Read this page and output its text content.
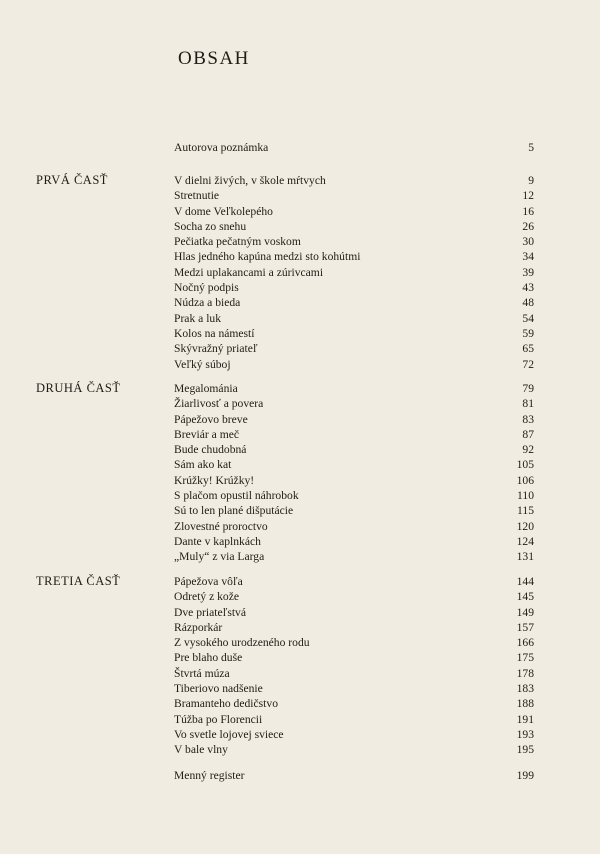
OBSAH
Autorova poznámka	5
PRVÁ ČASŤ	V dielni živých, v škole mŕtvych	9
Stretnutie	12
V dome Veľkolepého	16
Socha zo snehu	26
Pečiatka pečatným voskom	30
Hlas jedného kapúna medzi sto kohútmi	34
Medzi uplakancami a zúrivcami	39
Nočný podpis	43
Núdza a bieda	48
Prak a luk	54
Kolos na námestí	59
Skývražný priateľ	65
Veľký súboj	72
DRUHÁ ČASŤ	Megalománia	79
Žiarlivosť a povera	81
Pápežovo breve	83
Breviár a meč	87
Bude chudobná	92
Sám ako kat	105
Krúžky! Krúžky!	106
S plačom opustil náhrobok	110
Sú to len plané dišputácie	115
Zlovestné proroctvo	120
Dante v kaplnkách	124
„Muly“ z via Larga	131
TRETIA ČASŤ	Pápežova vôľa	144
Odretý z kože	145
Dve priateľstvá	149
Rázporkár	157
Z vysokého urodzeného rodu	166
Pre blaho duše	175
Štvrtá múza	178
Tiberiovo nadšenie	183
Bramanteho dedičstvo	188
Túžba po Florencii	191
Vo svetle lojovej sviece	193
V bale vlny	195
Menný register	199
